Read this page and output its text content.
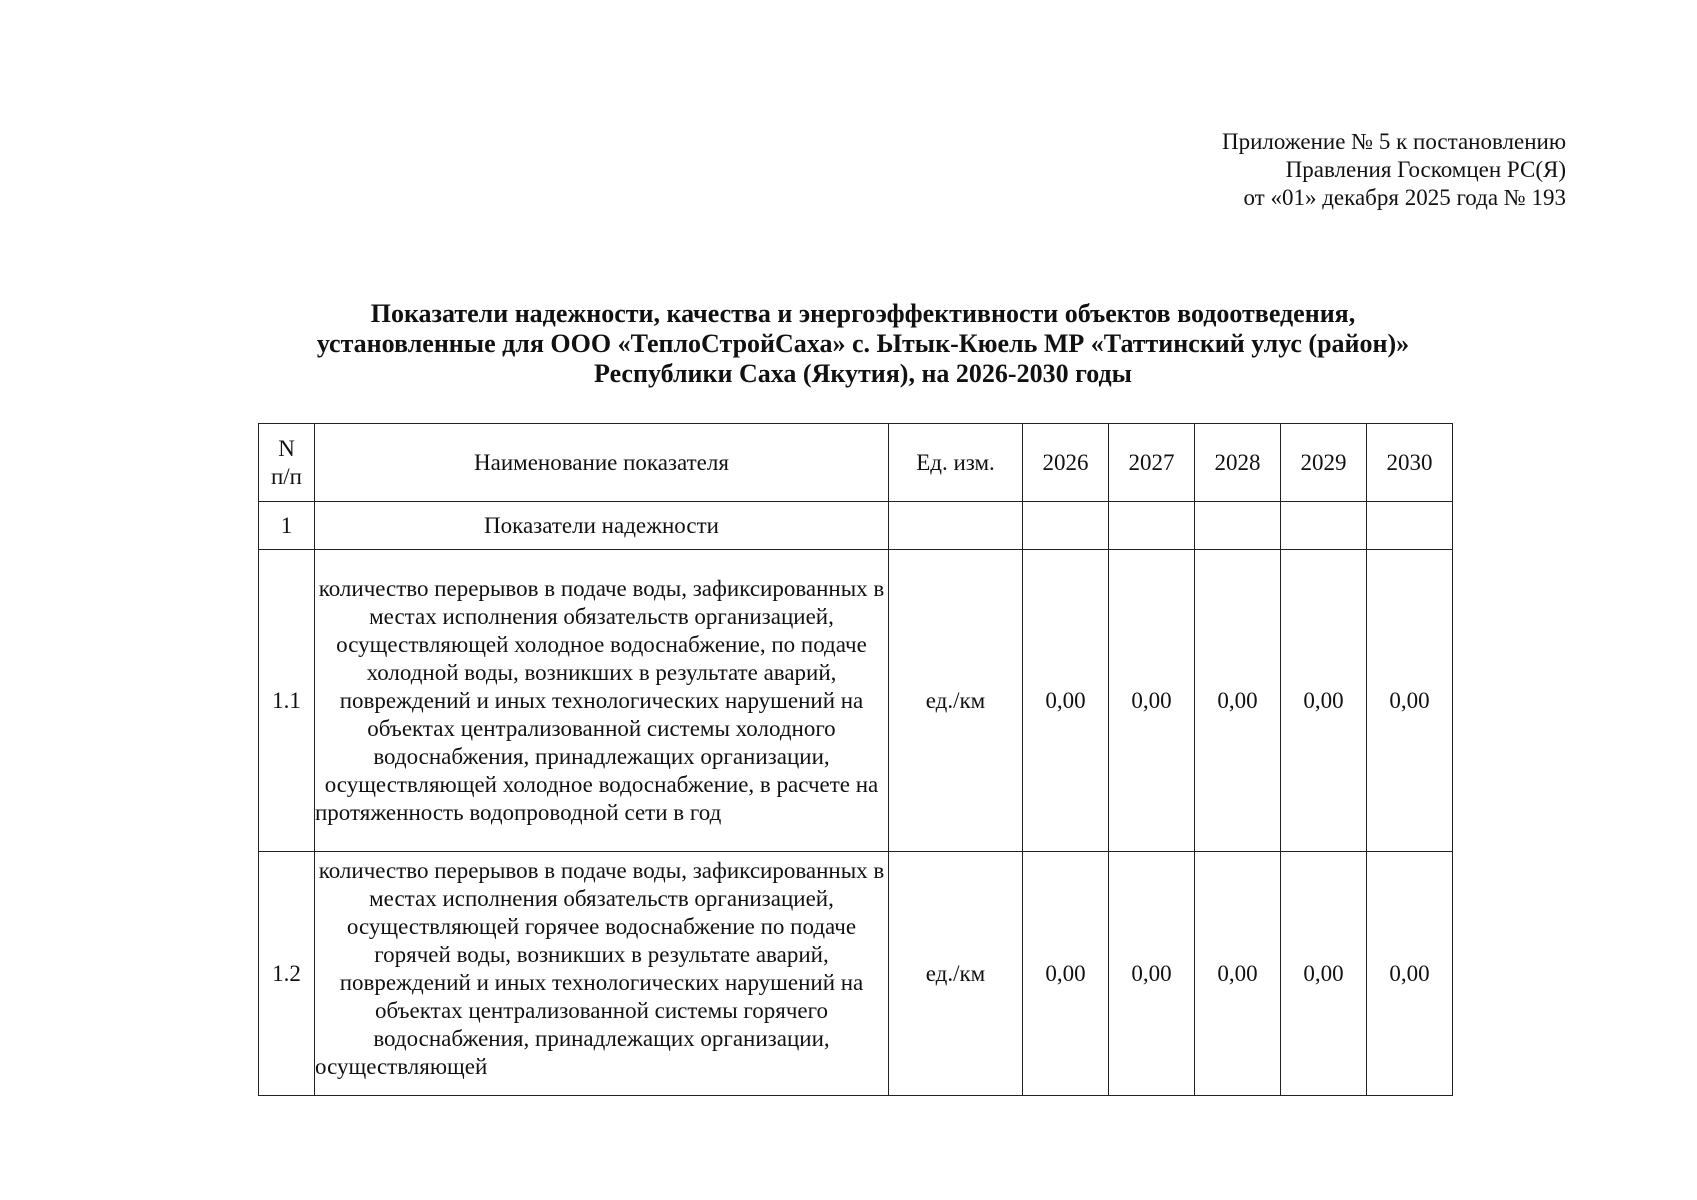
Приложение № 5 к постановлению
Правления Госкомцен РС(Я)
от «01» декабря 2025 года № 193
Показатели надежности, качества и энергоэффективности объектов водоотведения,
установленные для ООО «ТеплоСтройСаха» с. Ытык-Кюель МР «Таттинский улус (район)»
Республики Саха (Якутия), на 2026-2030 годы
N
п/п	Наименование показателя	Ед. изм.	2026	2027	2028	2029	2030
1	Показатели надежности						
1.1	количество перерывов в подаче воды, зафиксированных в местах исполнения обязательств организацией, осуществляющей холодное водоснабжение, по подаче холодной воды, возникших в результате аварий, повреждений и иных технологических нарушений на объектах централизованной системы холодного водоснабжения, принадлежащих организации, осуществляющей холодное водоснабжение, в расчете на протяженность водопроводной сети в год	ед./км	0,00	0,00	0,00	0,00	0,00
1.2	количество перерывов в подаче воды, зафиксированных в местах исполнения обязательств организацией, осуществляющей горячее водоснабжение по подаче горячей воды, возникших в результате аварий, повреждений и иных технологических нарушений на объектах централизованной системы горячего водоснабжения, принадлежащих организации, осуществляющей	ед./км	0,00	0,00	0,00	0,00	0,00
